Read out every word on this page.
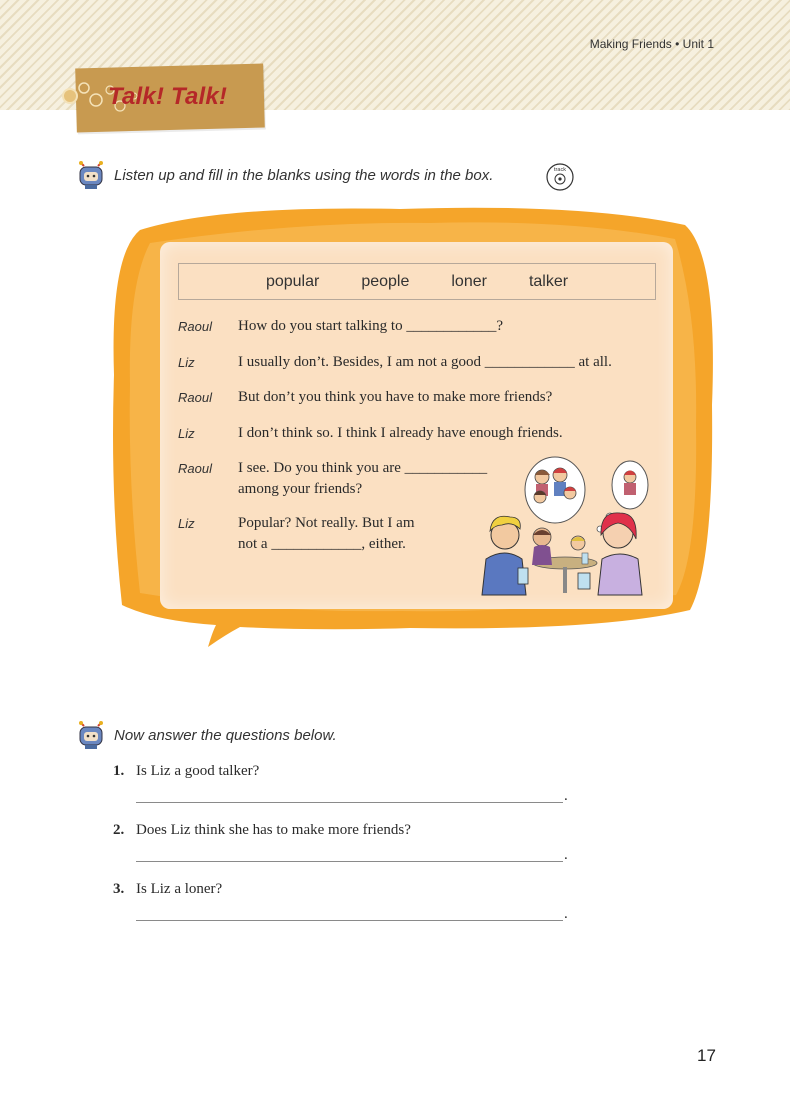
Making Friends • Unit 1
Talk! Talk!
Listen up and fill in the blanks using the words in the box.	track
popular	people	loner	talker
Raoul How do you start talking to ____________?
Liz	I usually don’t. Besides, I am not a good ____________ at all.
Raoul But don’t you think you have to make more friends?
Liz	I don’t think so. I think I already have enough friends.
Raoul I see. Do you think you are ___________
among your friends?
Liz	Popular? Not really. But I am
not a ____________, either.
Now answer the questions below.
1. Is Liz a good talker?
.
2. Does Liz think she has to make more friends?
.
3. Is Liz a loner?
.
17
